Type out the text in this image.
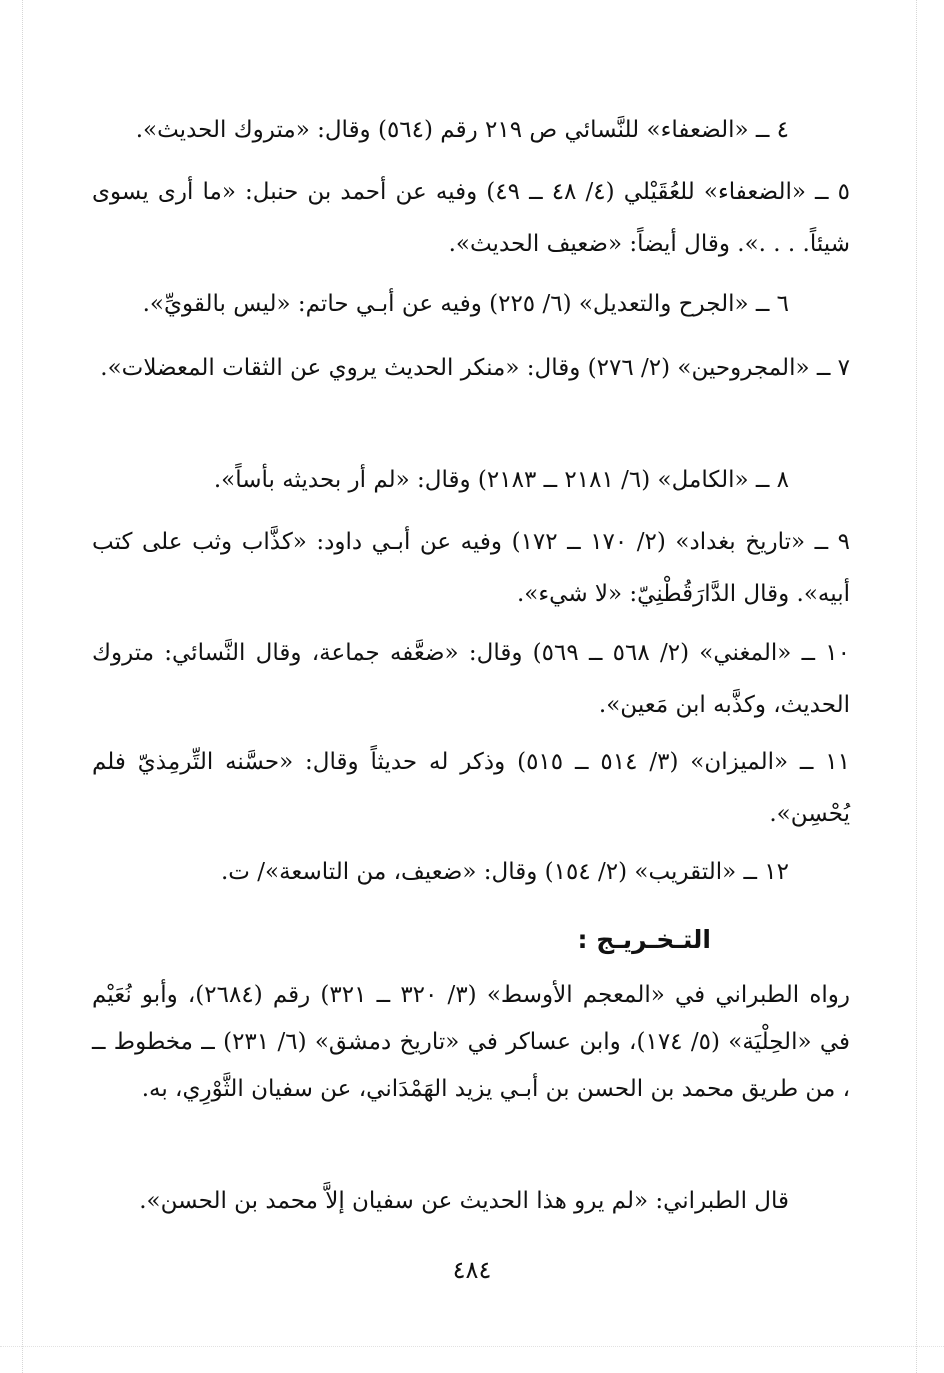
٤ ــ «الضعفاء» للنَّسائي ص ٢١٩ رقم (٥٦٤) وقال: «متروك الحديث».
٥ ــ «الضعفاء» للعُقَيْلي (٤/ ٤٨ ــ ٤٩) وفيه عن أحمد بن حنبل: «ما أرى يسوى شيئاً. . . .». وقال أيضاً: «ضعيف الحديث».
٦ ــ «الجرح والتعديل» (٦/ ٢٢٥) وفيه عن أبـي حاتم: «ليس بالقويِّ».
٧ ــ «المجروحين» (٢/ ٢٧٦) وقال: «منكر الحديث يروي عن الثقات المعضلات».
٨ ــ «الكامل» (٦/ ٢١٨١ ــ ٢١٨٣) وقال: «لم أر بحديثه بأساً».
٩ ــ «تاريخ بغداد» (٢/ ١٧٠ ــ ١٧٢) وفيه عن أبـي داود: «كذَّاب وثب على كتب أبيه». وقال الدَّارَقُطْنِيّ: «لا شيء».
١٠ ــ «المغني» (٢/ ٥٦٨ ــ ٥٦٩) وقال: «ضعَّفه جماعة، وقال النَّسائي: متروك الحديث، وكذَّبه ابن مَعين».
١١ ــ «الميزان» (٣/ ٥١٤ ــ ٥١٥) وذكر له حديثاً وقال: «حسَّنه التِّرمِذيّ فلم يُحْسِن».
١٢ ــ «التقريب» (٢/ ١٥٤) وقال: «ضعيف، من التاسعة»/ ت.
التـخـريـج :
رواه الطبراني في «المعجم الأوسط» (٣/ ٣٢٠ ــ ٣٢١) رقم (٢٦٨٤)، وأبو نُعَيْم في «الحِلْيَة» (٥/ ١٧٤)، وابن عساكر في «تاريخ دمشق» (٦/ ٢٣١) ــ مخطوط ــ ، من طريق محمد بن الحسن بن أبـي يزيد الهَمْدَاني، عن سفيان الثَّوْرِي، به.
قال الطبراني: «لم يرو هذا الحديث عن سفيان إلاَّ محمد بن الحسن».
٤٨٤
